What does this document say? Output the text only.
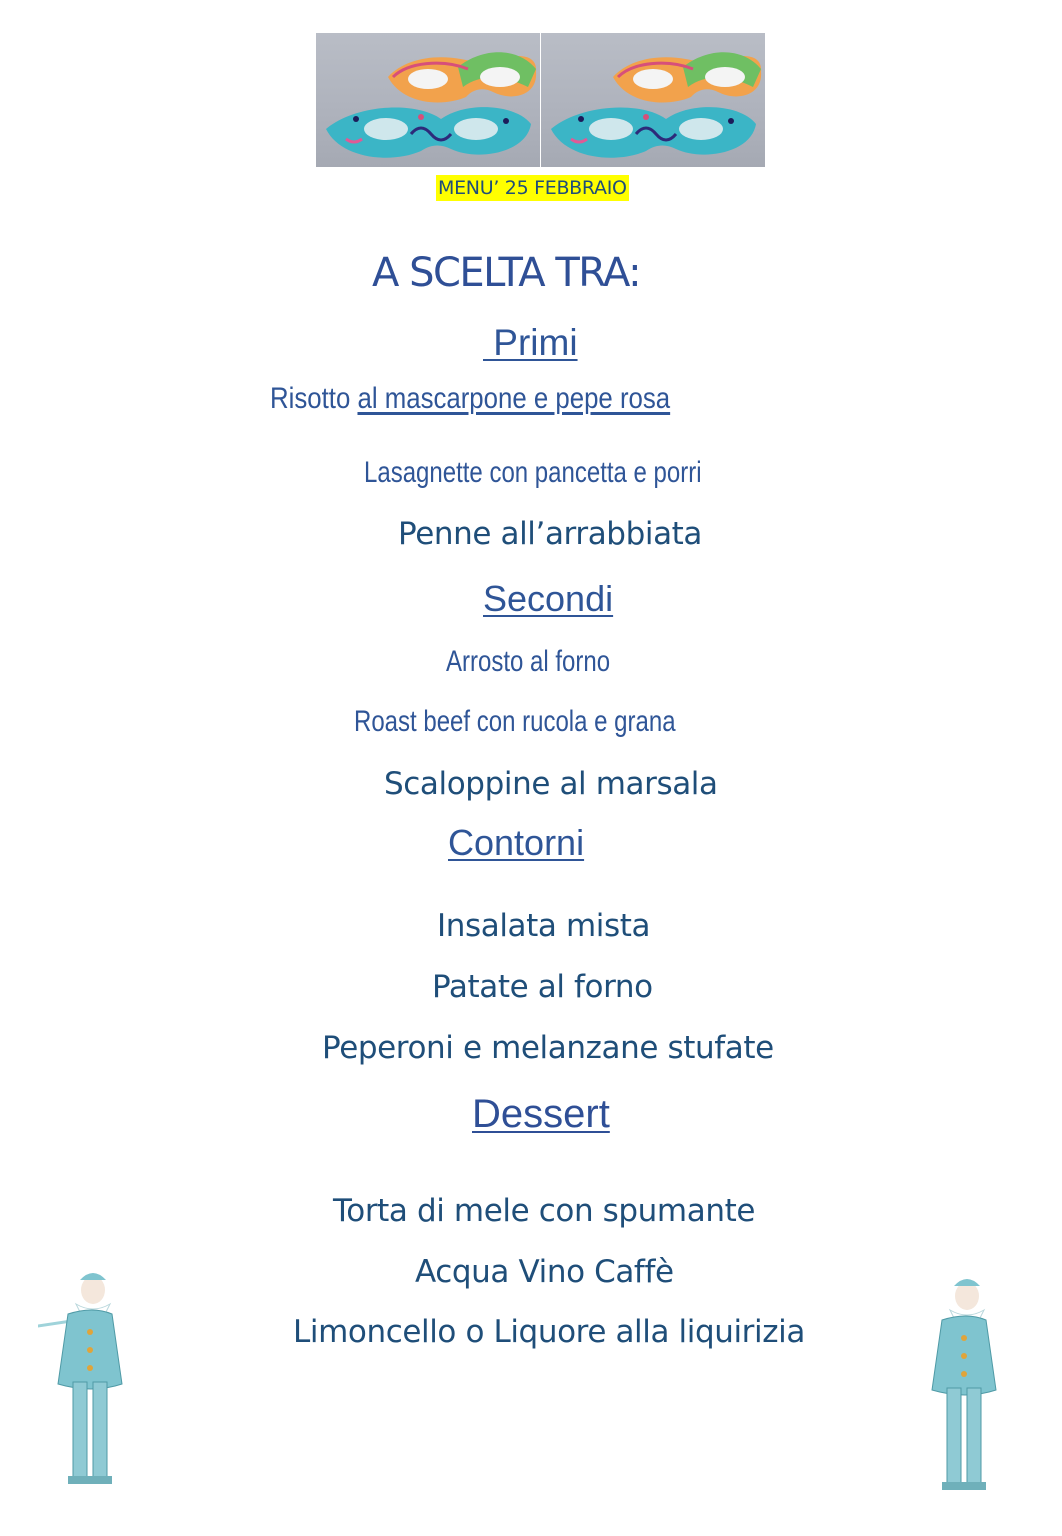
MENU’ 25 FEBBRAIO
A SCELTA TRA:
Primi
Risotto al mascarpone e pepe rosa
Lasagnette con pancetta e porri
Penne all’arrabbiata
Secondi
Arrosto al forno
Roast beef con rucola e grana
Scaloppine al marsala
Contorni
Insalata mista
Patate al forno
Peperoni e melanzane stufate
Dessert
Torta di mele con spumante
Acqua Vino Caffè
Limoncello o Liquore alla liquirizia
